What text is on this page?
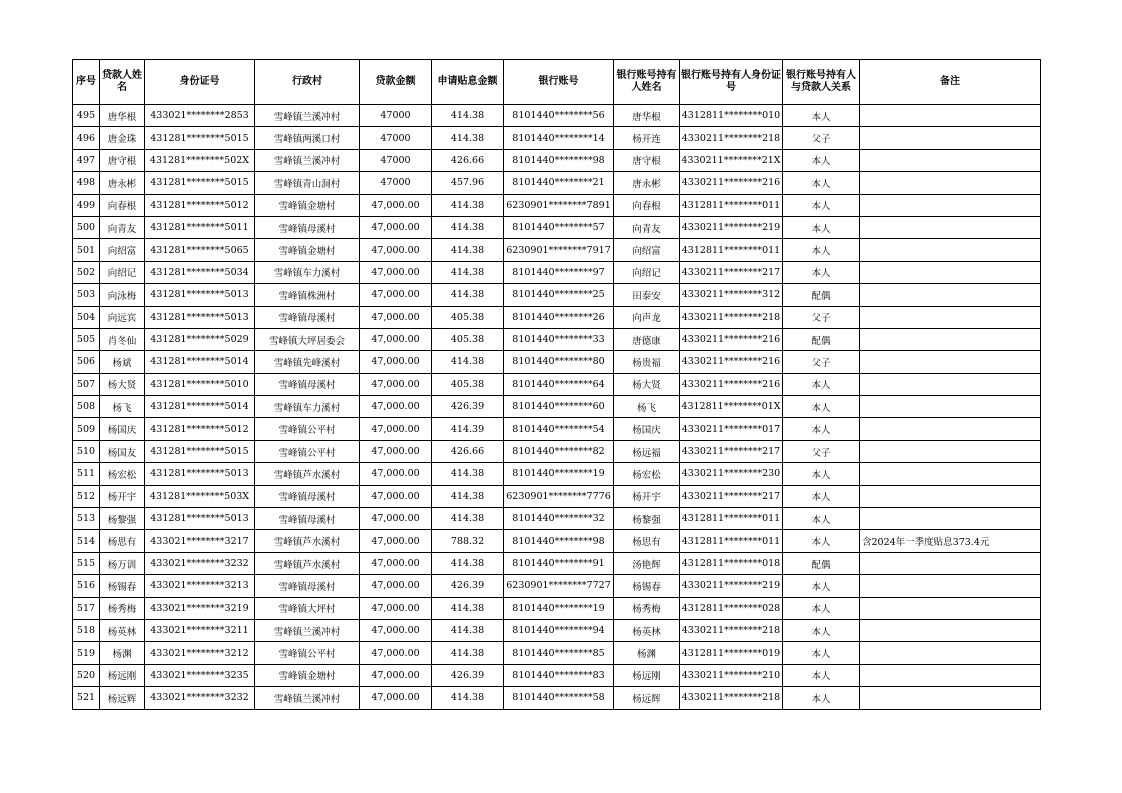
序号	贷款人姓名	身份证号	行政村	贷款金额	申请贴息金额	银行账号	银行账号持有人姓名	银行账号持有人身份证号	银行账号持有人与贷款人关系	备注
495	唐华根	433021********2853	雪峰镇兰溪冲村	47000	414.38	8101440********56	唐华根	4312811********010	本人	
496	唐金珠	431281********5015	雪峰镇两溪口村	47000	414.38	8101440********14	杨开连	4330211********218	父子	
497	唐守根	431281********502X	雪峰镇兰溪冲村	47000	426.66	8101440********98	唐守根	4330211********21X	本人	
498	唐永彬	431281********5015	雪峰镇青山洞村	47000	457.96	8101440********21	唐永彬	4330211********216	本人	
499	向春根	431281********5012	雪峰镇金塘村	47,000.00	414.38	6230901********7891	向春根	4312811********011	本人	
500	向青友	431281********5011	雪峰镇母溪村	47,000.00	414.38	8101440********57	向青友	4330211********219	本人	
501	向绍富	431281********5065	雪峰镇金塘村	47,000.00	414.38	6230901********7917	向绍富	4312811********011	本人	
502	向绍记	431281********5034	雪峰镇车力溪村	47,000.00	414.38	8101440********97	向绍记	4330211********217	本人	
503	向泳梅	431281********5013	雪峰镇株洲村	47,000.00	414.38	8101440********25	田泰安	4330211********312	配偶	
504	向远宾	431281********5013	雪峰镇母溪村	47,000.00	405.38	8101440********26	向声龙	4330211********218	父子	
505	肖冬仙	431281********5029	雪峰镇大坪居委会	47,000.00	405.38	8101440********33	唐德康	4330211********216	配偶	
506	杨斌	431281********5014	雪峰镇先峰溪村	47,000.00	414.38	8101440********80	杨贵福	4330211********216	父子	
507	杨大贤	431281********5010	雪峰镇母溪村	47,000.00	405.38	8101440********64	杨大贤	4330211********216	本人	
508	杨飞	431281********5014	雪峰镇车力溪村	47,000.00	426.39	8101440********60	杨飞	4312811********01X	本人	
509	杨国庆	431281********5012	雪峰镇公平村	47,000.00	414.39	8101440********54	杨国庆	4330211********017	本人	
510	杨国友	431281********5015	雪峰镇公平村	47,000.00	426.66	8101440********82	杨远福	4330211********217	父子	
511	杨宏松	431281********5013	雪峰镇芦水溪村	47,000.00	414.38	8101440********19	杨宏松	4330211********230	本人	
512	杨开宇	431281********503X	雪峰镇母溪村	47,000.00	414.38	6230901********7776	杨开宇	4330211********217	本人	
513	杨黎强	431281********5013	雪峰镇母溪村	47,000.00	414.38	8101440********32	杨黎强	4312811********011	本人	
514	杨思有	433021********3217	雪峰镇芦水溪村	47,000.00	788.32	8101440********98	杨思有	4312811********011	本人	含2024年一季度贴息373.4元
515	杨万训	433021********3232	雪峰镇芦水溪村	47,000.00	414.38	8101440********91	汤艳辉	4312811********018	配偶	
516	杨锡春	433021********3213	雪峰镇母溪村	47,000.00	426.39	6230901********7727	杨锡春	4330211********219	本人	
517	杨秀梅	433021********3219	雪峰镇大坪村	47,000.00	414.38	8101440********19	杨秀梅	4312811********028	本人	
518	杨英林	433021********3211	雪峰镇兰溪冲村	47,000.00	414.38	8101440********94	杨英林	4330211********218	本人	
519	杨渊	433021********3212	雪峰镇公平村	47,000.00	414.38	8101440********85	杨渊	4312811********019	本人	
520	杨远刚	433021********3235	雪峰镇金塘村	47,000.00	426.39	8101440********83	杨远刚	4330211********210	本人	
521	杨远辉	433021********3232	雪峰镇兰溪冲村	47,000.00	414.38	8101440********58	杨远辉	4330211********218	本人	
